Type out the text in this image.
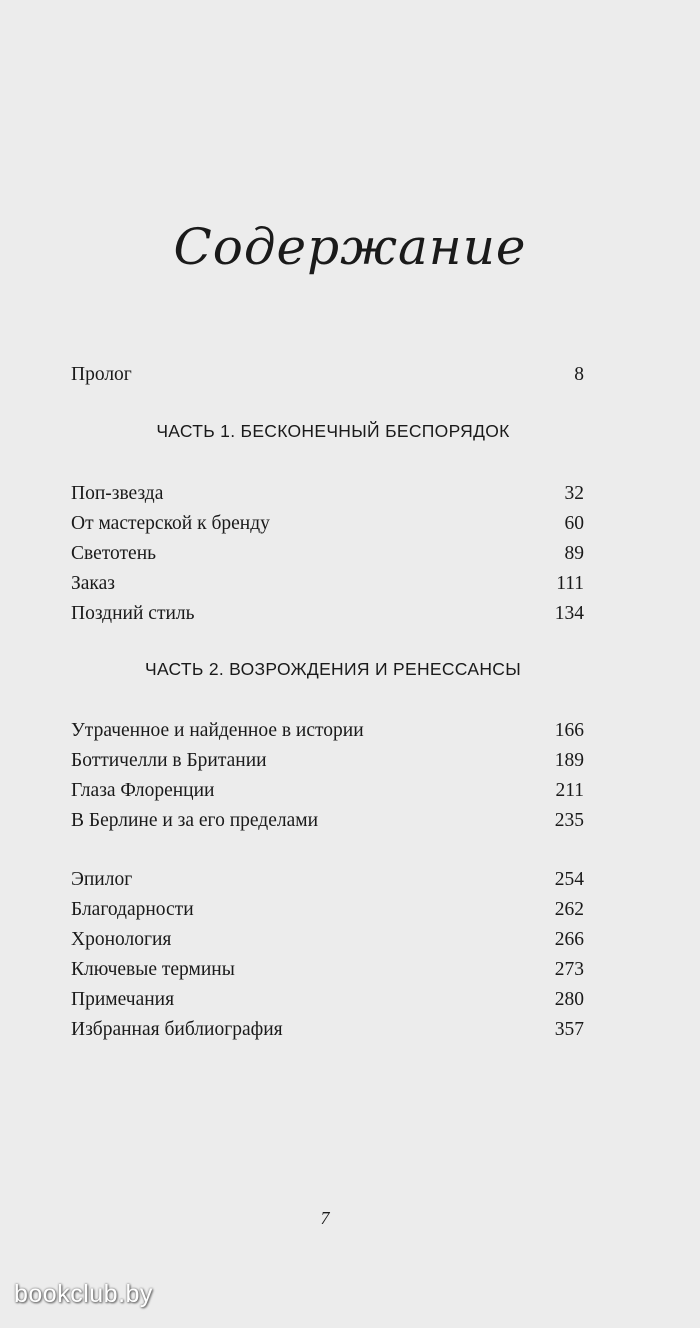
Содержание
Пролог	8
ЧАСТЬ 1. БЕСКОНЕЧНЫЙ БЕСПОРЯДОК
Поп-звезда	32
От мастерской к бренду	60
Светотень	89
Заказ	111
Поздний стиль	134
ЧАСТЬ 2. ВОЗРОЖДЕНИЯ И РЕНЕССАНСЫ
Утраченное и найденное в истории	166
Боттичелли в Британии	189
Глаза Флоренции	211
В Берлине и за его пределами	235
Эпилог	254
Благодарности	262
Хронология	266
Ключевые термины	273
Примечания	280
Избранная библиография	357
7
bookclub.by
